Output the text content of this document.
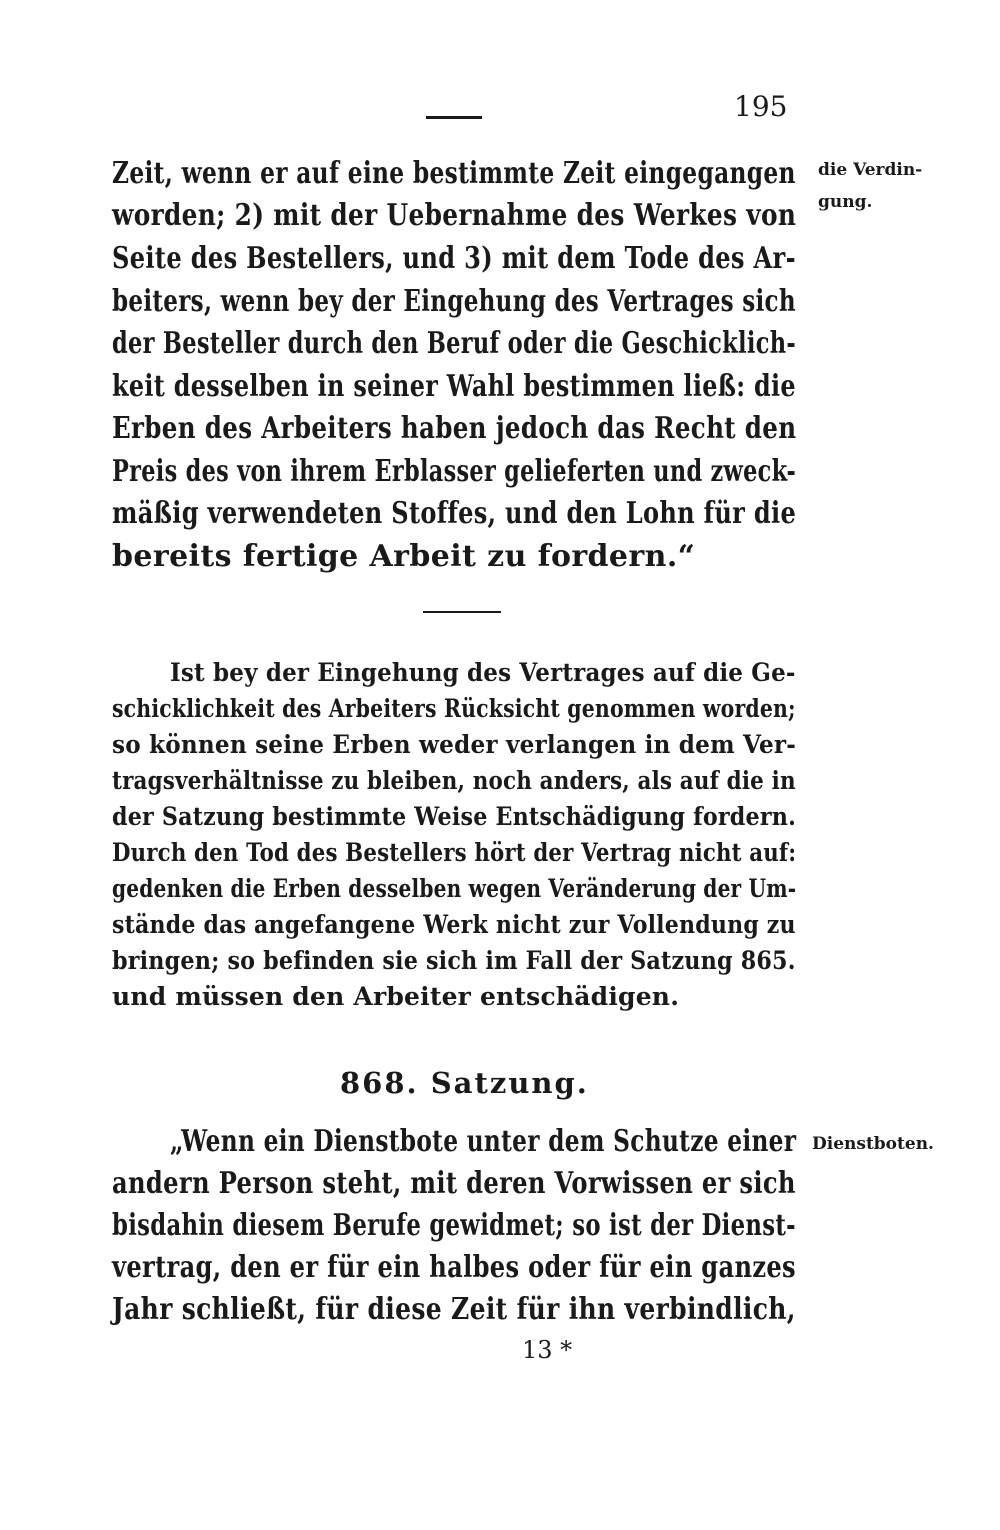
195
die Verdin-
gung.
Zeit, wenn er auf eine bestimmte Zeit eingegangen
worden; 2) mit der Uebernahme des Werkes von
Seite des Bestellers, und 3) mit dem Tode des Ar-
beiters, wenn bey der Eingehung des Vertrages sich
der Besteller durch den Beruf oder die Geschicklich-
keit desselben in seiner Wahl bestimmen ließ: die
Erben des Arbeiters haben jedoch das Recht den
Preis des von ihrem Erblasser gelieferten und zweck-
mäßig verwendeten Stoffes, und den Lohn für die
bereits fertige Arbeit zu fordern.“
Ist bey der Eingehung des Vertrages auf die Ge-
schicklichkeit des Arbeiters Rücksicht genommen worden;
so können seine Erben weder verlangen in dem Ver-
tragsverhältnisse zu bleiben, noch anders, als auf die in
der Satzung bestimmte Weise Entschädigung fordern.
Durch den Tod des Bestellers hört der Vertrag nicht auf:
gedenken die Erben desselben wegen Veränderung der Um-
stände das angefangene Werk nicht zur Vollendung zu
bringen; so befinden sie sich im Fall der Satzung 865.
und müssen den Arbeiter entschädigen.
868. Satzung.
Dienstboten.
„Wenn ein Dienstbote unter dem Schutze einer
andern Person steht, mit deren Vorwissen er sich
bisdahin diesem Berufe gewidmet; so ist der Dienst-
vertrag, den er für ein halbes oder für ein ganzes
Jahr schließt, für diese Zeit für ihn verbindlich,
13 *
